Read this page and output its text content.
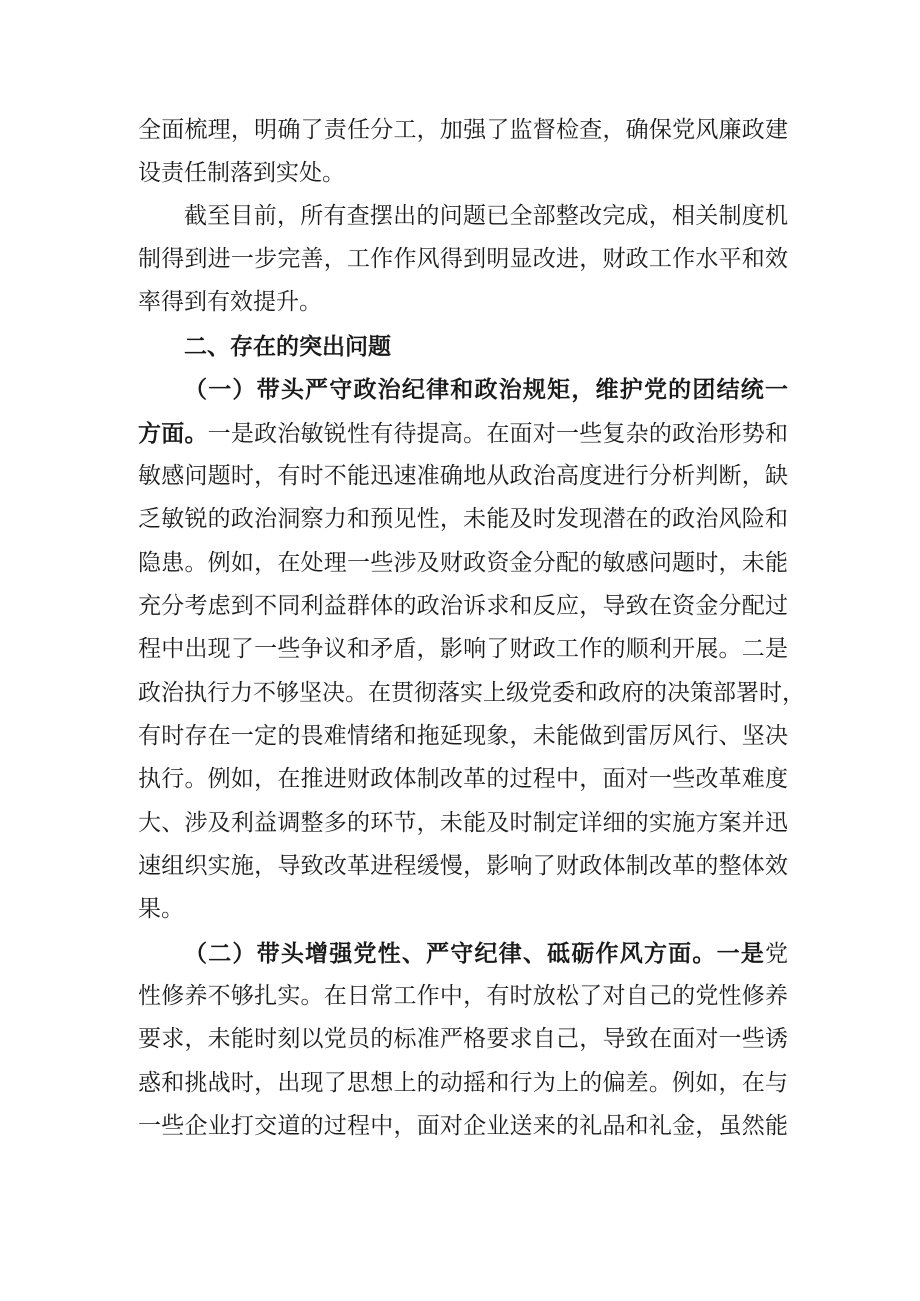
全面梳理，明确了责任分工，加强了监督检查，确保党风廉政建
设责任制落到实处。
截至目前，所有查摆出的问题已全部整改完成，相关制度机
制得到进一步完善，工作作风得到明显改进，财政工作水平和效
率得到有效提升。
二、存在的突出问题
（一）带头严守政治纪律和政治规矩，维护党的团结统一
方面。一是政治敏锐性有待提高。在面对一些复杂的政治形势和
敏感问题时，有时不能迅速准确地从政治高度进行分析判断，缺
乏敏锐的政治洞察力和预见性，未能及时发现潜在的政治风险和
隐患。例如，在处理一些涉及财政资金分配的敏感问题时，未能
充分考虑到不同利益群体的政治诉求和反应，导致在资金分配过
程中出现了一些争议和矛盾，影响了财政工作的顺利开展。二是
政治执行力不够坚决。在贯彻落实上级党委和政府的决策部署时，
有时存在一定的畏难情绪和拖延现象，未能做到雷厉风行、坚决
执行。例如，在推进财政体制改革的过程中，面对一些改革难度
大、涉及利益调整多的环节，未能及时制定详细的实施方案并迅
速组织实施，导致改革进程缓慢，影响了财政体制改革的整体效
果。
（二）带头增强党性、严守纪律、砥砺作风方面。一是党
性修养不够扎实。在日常工作中，有时放松了对自己的党性修养
要求，未能时刻以党员的标准严格要求自己，导致在面对一些诱
惑和挑战时，出现了思想上的动摇和行为上的偏差。例如，在与
一些企业打交道的过程中，面对企业送来的礼品和礼金，虽然能
